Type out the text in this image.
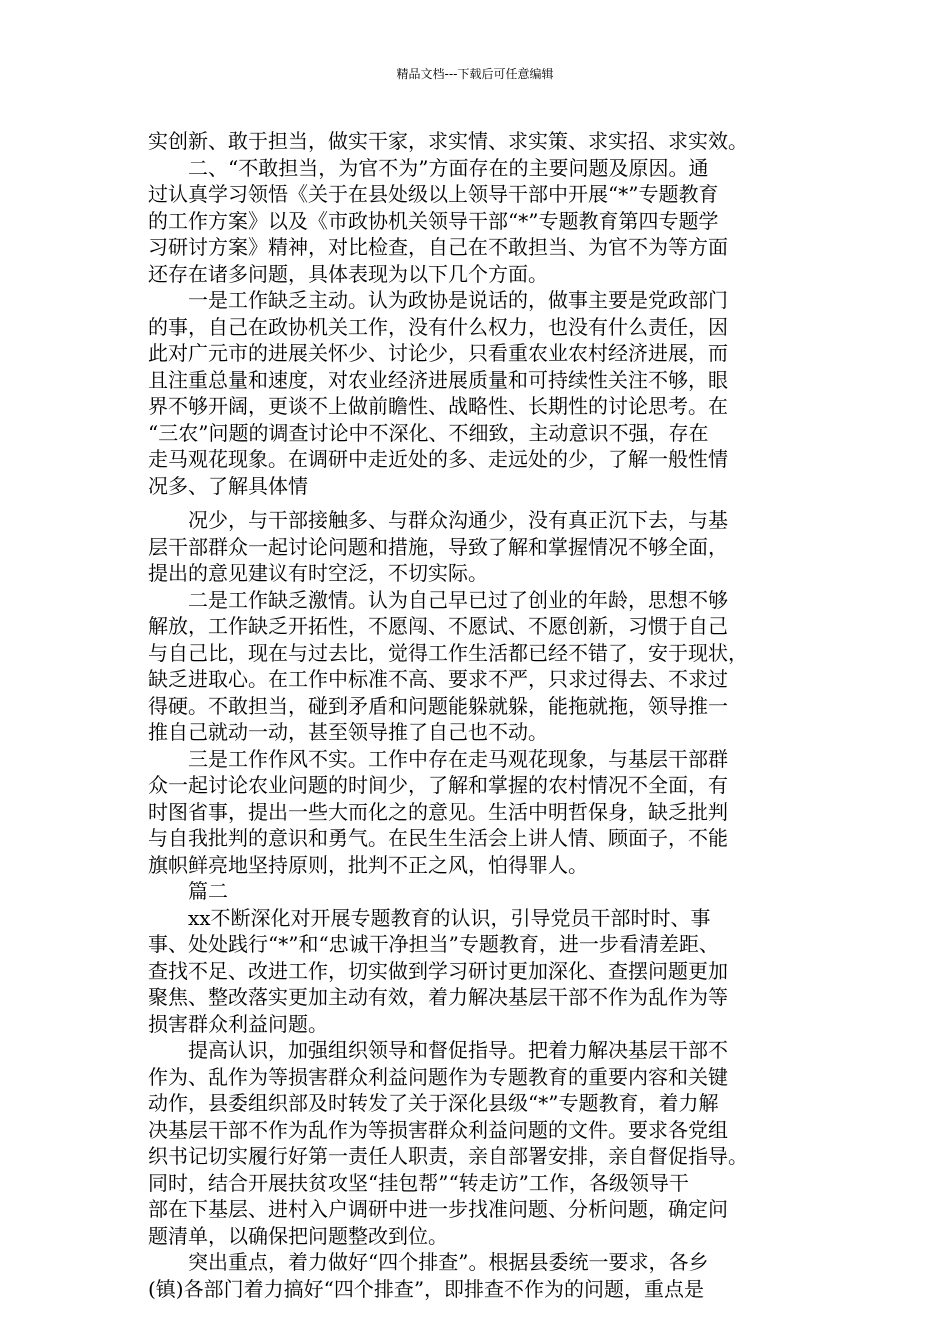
精品文档---下载后可任意编辑
实创新、敢于担当，做实干家，求实情、求实策、求实招、求实效。
　　二、“不敢担当，为官不为”方面存在的主要问题及原因。通
过认真学习领悟《关于在县处级以上领导干部中开展“*”专题教育
的工作方案》以及《市政协机关领导干部“*”专题教育第四专题学
习研讨方案》精神，对比检查，自己在不敢担当、为官不为等方面
还存在诸多问题，具体表现为以下几个方面。
　　一是工作缺乏主动。认为政协是说话的，做事主要是党政部门
的事，自己在政协机关工作，没有什么权力，也没有什么责任，因
此对广元市的进展关怀少、讨论少，只看重农业农村经济进展，而
且注重总量和速度，对农业经济进展质量和可持续性关注不够，眼
界不够开阔，更谈不上做前瞻性、战略性、长期性的讨论思考。在
“三农”问题的调查讨论中不深化、不细致，主动意识不强，存在
走马观花现象。在调研中走近处的多、走远处的少，了解一般性情
况多、了解具体情
　　况少，与干部接触多、与群众沟通少，没有真正沉下去，与基
层干部群众一起讨论问题和措施，导致了解和掌握情况不够全面，
提出的意见建议有时空泛，不切实际。
　　二是工作缺乏激情。认为自己早已过了创业的年龄，思想不够
解放，工作缺乏开拓性，不愿闯、不愿试、不愿创新，习惯于自己
与自己比，现在与过去比，觉得工作生活都已经不错了，安于现状，
缺乏进取心。在工作中标准不高、要求不严，只求过得去、不求过
得硬。不敢担当，碰到矛盾和问题能躲就躲，能拖就拖，领导推一
推自己就动一动，甚至领导推了自己也不动。
　　三是工作作风不实。工作中存在走马观花现象，与基层干部群
众一起讨论农业问题的时间少，了解和掌握的农村情况不全面，有
时图省事，提出一些大而化之的意见。生活中明哲保身，缺乏批判
与自我批判的意识和勇气。在民生生活会上讲人情、顾面子，不能
旗帜鲜亮地坚持原则，批判不正之风，怕得罪人。
　　篇二
　　xx不断深化对开展专题教育的认识，引导党员干部时时、事
事、处处践行“*”和“忠诚干净担当”专题教育，进一步看清差距、
查找不足、改进工作，切实做到学习研讨更加深化、查摆问题更加
聚焦、整改落实更加主动有效，着力解决基层干部不作为乱作为等
损害群众利益问题。
　　提高认识，加强组织领导和督促指导。把着力解决基层干部不
作为、乱作为等损害群众利益问题作为专题教育的重要内容和关键
动作，县委组织部及时转发了关于深化县级“*”专题教育，着力解
决基层干部不作为乱作为等损害群众利益问题的文件。要求各党组
织书记切实履行好第一责任人职责，亲自部署安排，亲自督促指导。
同时，结合开展扶贫攻坚“挂包帮”“转走访”工作，各级领导干
部在下基层、进村入户调研中进一步找准问题、分析问题，确定问
题清单，以确保把问题整改到位。
　　突出重点，着力做好“四个排查”。根据县委统一要求，各乡
(镇)各部门着力搞好“四个排查”，即排查不作为的问题，重点是
